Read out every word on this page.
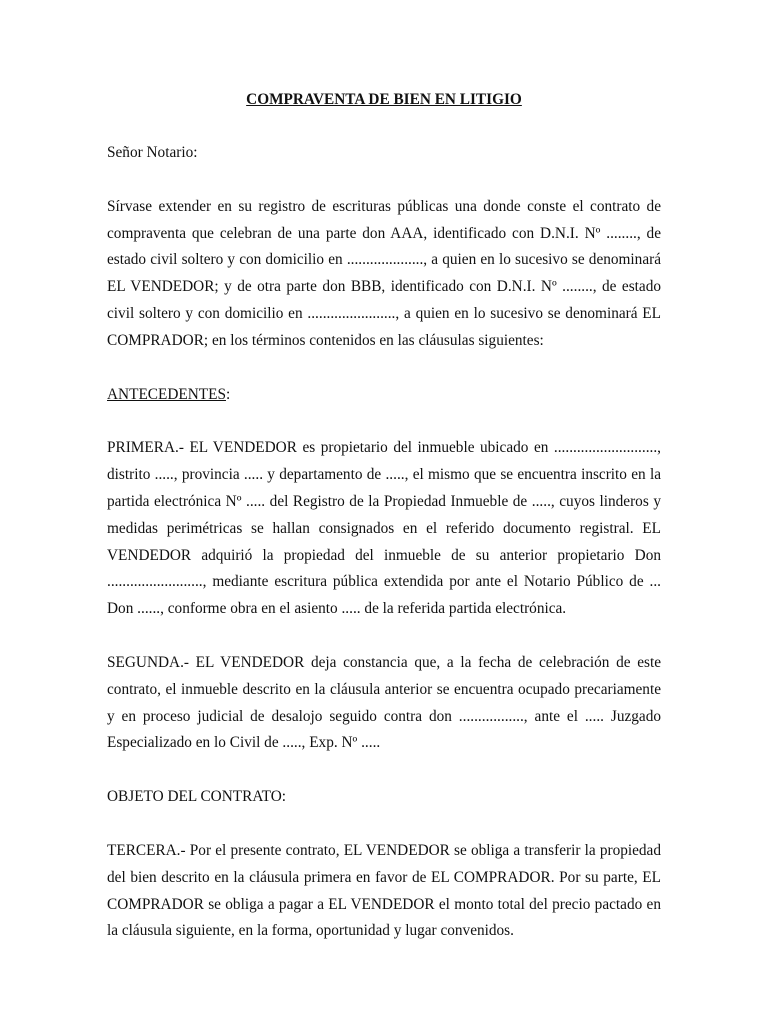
COMPRAVENTA DE BIEN EN LITIGIO

Señor Notario:

Sírvase extender en su registro de escrituras públicas una donde conste el contrato de compraventa que celebran de una parte don AAA, identificado con D.N.I. Nº ........, de estado civil soltero y con domicilio en ...................., a quien en lo sucesivo se denominará EL VENDEDOR; y de otra parte don BBB, identificado con D.N.I. Nº ........, de estado civil soltero y con domicilio en ......................., a quien en lo sucesivo se denominará EL COMPRADOR; en los términos contenidos en las cláusulas siguientes:

ANTECEDENTES:

PRIMERA.- EL VENDEDOR es propietario del inmueble ubicado en ..........................., distrito ....., provincia ..... y departamento de ....., el mismo que se encuentra inscrito en la partida electrónica Nº ..... del Registro de la Propiedad Inmueble de ....., cuyos linderos y medidas perimétricas se hallan consignados en el referido documento registral. EL VENDEDOR adquirió la propiedad del inmueble de su anterior propietario Don ........................., mediante escritura pública extendida por ante el Notario Público de ... Don ......, conforme obra en el asiento ..... de la referida partida electrónica.

SEGUNDA.- EL VENDEDOR deja constancia que, a la fecha de celebración de este contrato, el inmueble descrito en la cláusula anterior se encuentra ocupado precariamente y en proceso judicial de desalojo seguido contra don ................., ante el ..... Juzgado Especializado en lo Civil de ....., Exp. Nº .....

OBJETO DEL CONTRATO:

TERCERA.- Por el presente contrato, EL VENDEDOR se obliga a transferir la propiedad del bien descrito en la cláusula primera en favor de EL COMPRADOR. Por su parte, EL COMPRADOR se obliga a pagar a EL VENDEDOR el monto total del precio pactado en la cláusula siguiente, en la forma, oportunidad y lugar convenidos.
